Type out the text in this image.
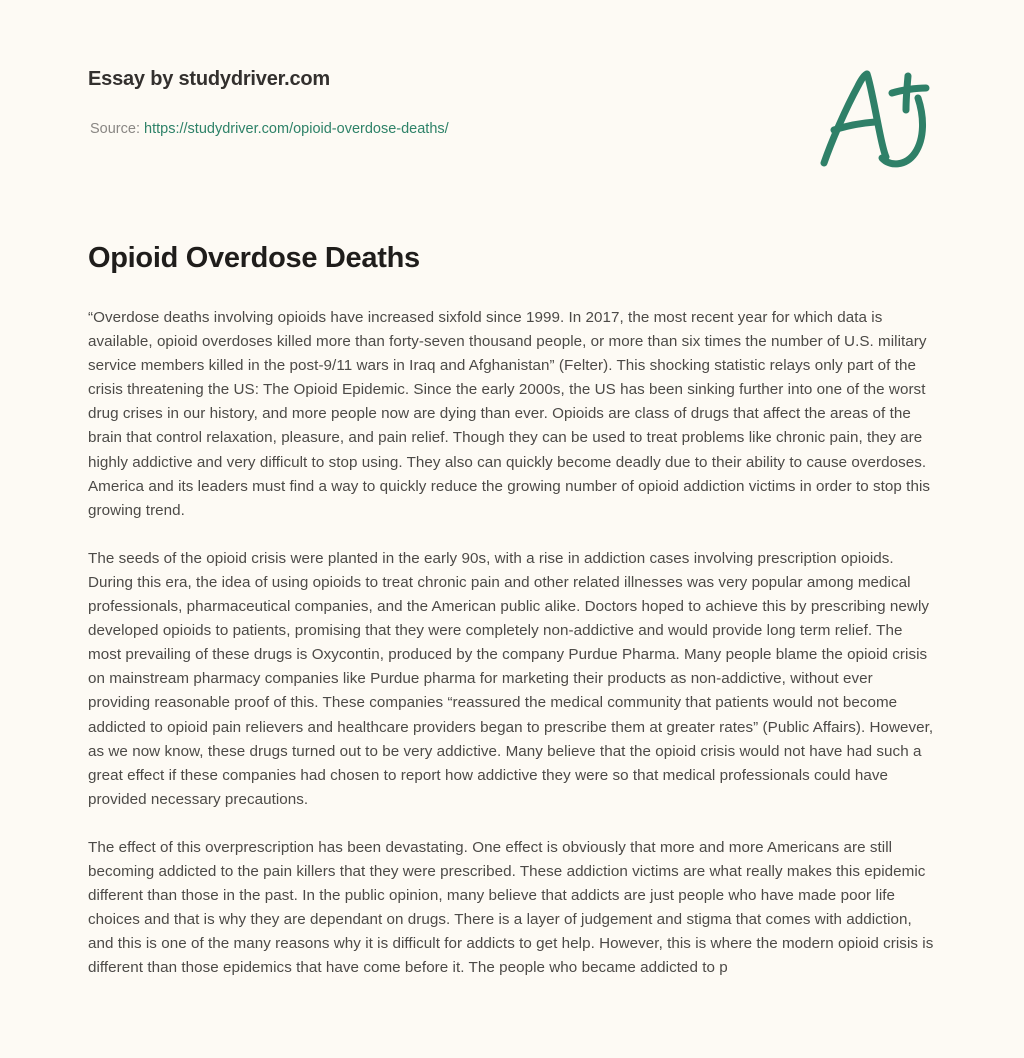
Essay by studydriver.com
Source: https://studydriver.com/opioid-overdose-deaths/
Opioid Overdose Deaths

“Overdose deaths involving opioids have increased sixfold since 1999. In 2017, the most recent year for which data is available, opioid overdoses killed more than forty-seven thousand people, or more than six times the number of U.S. military service members killed in the post-9/11 wars in Iraq and Afghanistan” (Felter). This shocking statistic relays only part of the crisis threatening the US: The Opioid Epidemic. Since the early 2000s, the US has been sinking further into one of the worst drug crises in our history, and more people now are dying than ever. Opioids are class of drugs that affect the areas of the brain that control relaxation, pleasure, and pain relief. Though they can be used to treat problems like chronic pain, they are highly addictive and very difficult to stop using. They also can quickly become deadly due to their ability to cause overdoses. America and its leaders must find a way to quickly reduce the growing number of opioid addiction victims in order to stop this growing trend.

The seeds of the opioid crisis were planted in the early 90s, with a rise in addiction cases involving prescription opioids. During this era, the idea of using opioids to treat chronic pain and other related illnesses was very popular among medical professionals, pharmaceutical companies, and the American public alike. Doctors hoped to achieve this by prescribing newly developed opioids to patients, promising that they were completely non-addictive and would provide long term relief. The most prevailing of these drugs is Oxycontin, produced by the company Purdue Pharma. Many people blame the opioid crisis on mainstream pharmacy companies like Purdue pharma for marketing their products as non-addictive, without ever providing reasonable proof of this. These companies “reassured the medical community that patients would not become addicted to opioid pain relievers and healthcare providers began to prescribe them at greater rates” (Public Affairs). However, as we now know, these drugs turned out to be very addictive. Many believe that the opioid crisis would not have had such a great effect if these companies had chosen to report how addictive they were so that medical professionals could have provided necessary precautions.

The effect of this overprescription has been devastating. One effect is obviously that more and more Americans are still becoming addicted to the pain killers that they were prescribed. These addiction victims are what really makes this epidemic different than those in the past. In the public opinion, many believe that addicts are just people who have made poor life choices and that is why they are dependant on drugs. There is a layer of judgement and stigma that comes with addiction, and this is one of the many reasons why it is difficult for addicts to get help. However, this is where the modern opioid crisis is different than those epidemics that have come before it. The people who became addicted to p
